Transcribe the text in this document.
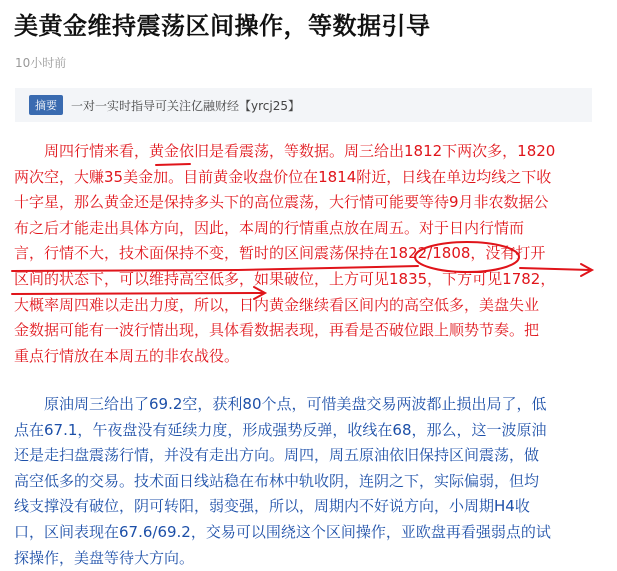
美黄金维持震荡区间操作，等数据引导
10小时前
摘要	一对一实时指导可关注亿融财经【yrcj25】
　　周四行情来看，黄金依旧是看震荡，等数据。周三给出1812下两次多，1820
两次空，大赚35美金加。目前黄金收盘价位在1814附近，日线在单边均线之下收
十字星，那么黄金还是保持多头下的高位震荡，大行情可能要等待9月非农数据公
布之后才能走出具体方向，因此，本周的行情重点放在周五。对于日内行情而
言，行情不大，技术面保持不变，暂时的区间震荡保持在1822/1808，没有打开
区间的状态下，可以维持高空低多，如果破位，上方可见1835，下方可见1782，
大概率周四难以走出力度，所以，日内黄金继续看区间内的高空低多，美盘失业
金数据可能有一波行情出现，具体看数据表现，再看是否破位跟上顺势节奏。把
重点行情放在本周五的非农战役。
　　原油周三给出了69.2空，获利80个点，可惜美盘交易两波都止损出局了，低
点在67.1，午夜盘没有延续力度，形成强势反弹，收线在68，那么，这一波原油
还是走扫盘震荡行情，并没有走出方向。周四，周五原油依旧保持区间震荡，做
高空低多的交易。技术面日线站稳在布林中轨收阴，连阴之下，实际偏弱，但均
线支撑没有破位，阴可转阳，弱变强，所以，周期内不好说方向，小周期H4收
口，区间表现在67.6/69.2，交易可以围绕这个区间操作，亚欧盘再看强弱点的试
探操作，美盘等待大方向。
